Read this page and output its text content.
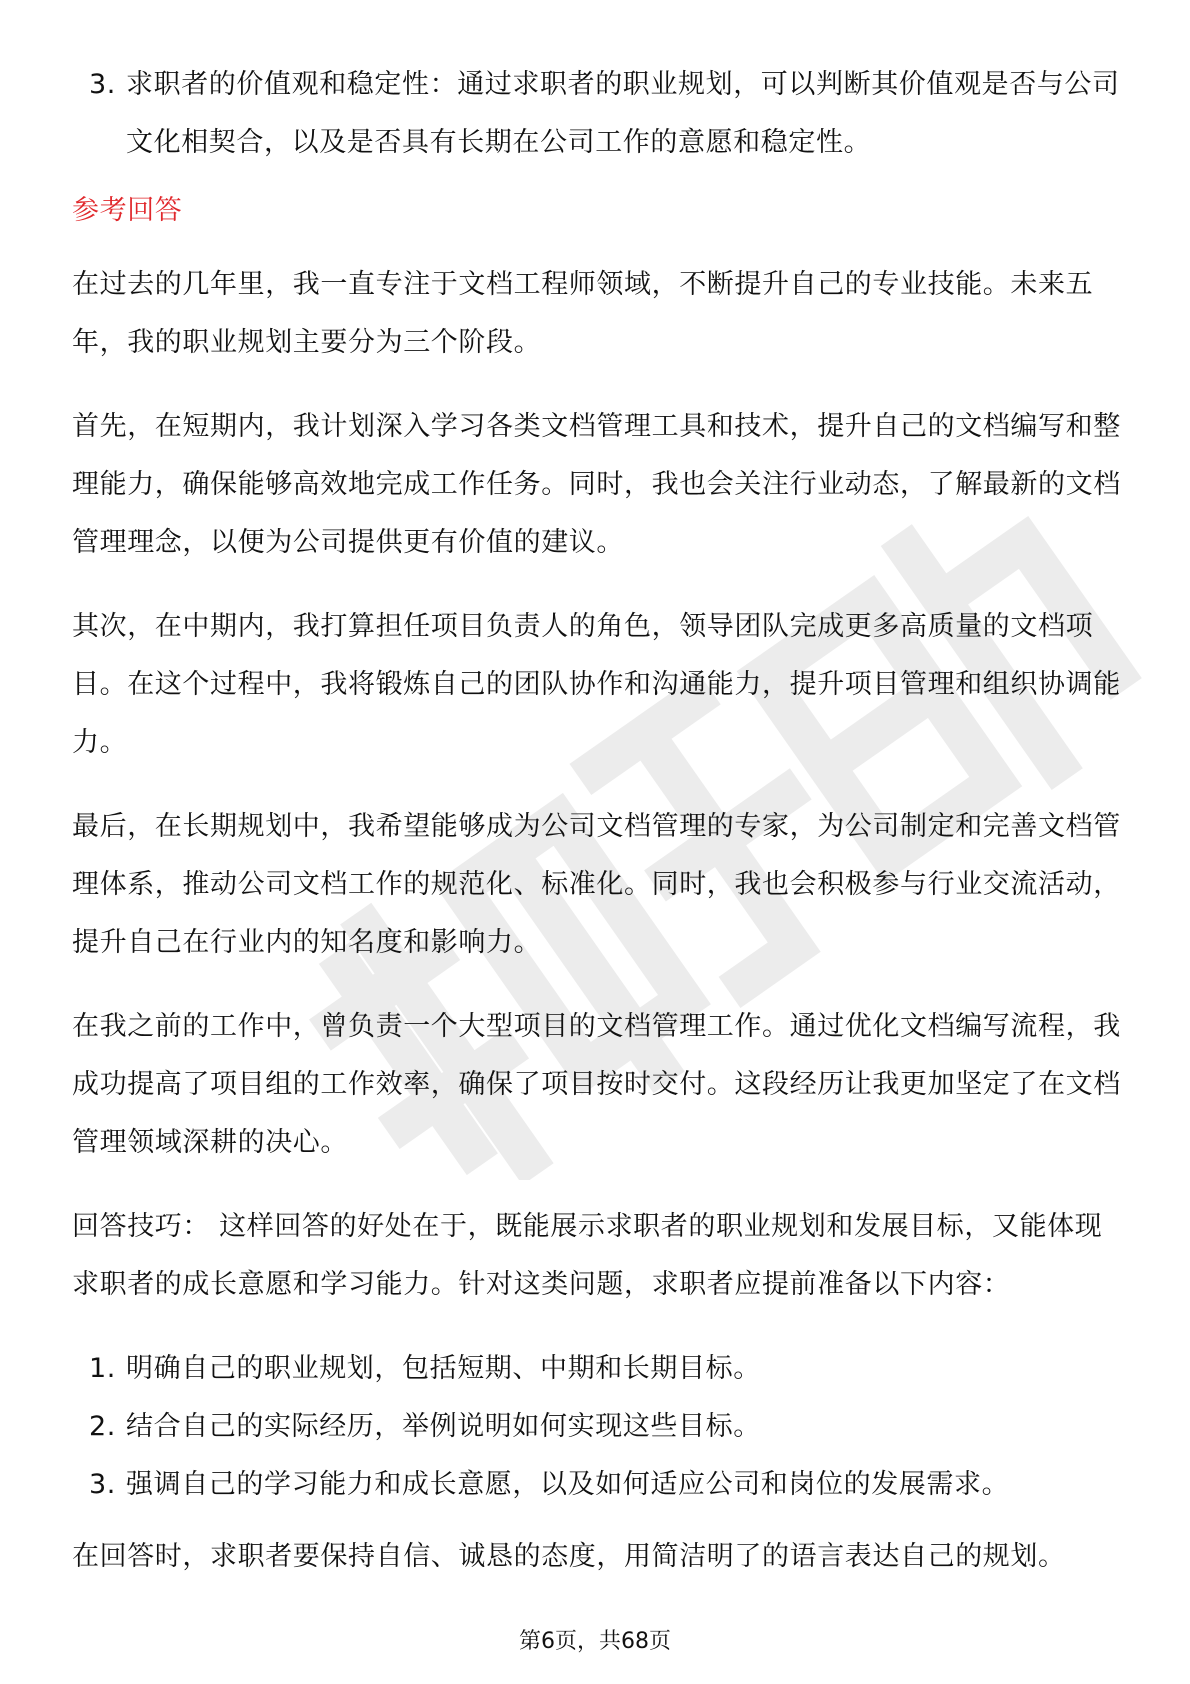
3. 求职者的价值观和稳定性：通过求职者的职业规划，可以判断其价值观是否与公司文化相契合，以及是否具有长期在公司工作的意愿和稳定性。
参考回答

在过去的几年里，我一直专注于文档工程师领域，不断提升自己的专业技能。未来五年，我的职业规划主要分为三个阶段。

首先，在短期内，我计划深入学习各类文档管理工具和技术，提升自己的文档编写和整理能力，确保能够高效地完成工作任务。同时，我也会关注行业动态，了解最新的文档管理理念，以便为公司提供更有价值的建议。

其次，在中期内，我打算担任项目负责人的角色，领导团队完成更多高质量的文档项目。在这个过程中，我将锻炼自己的团队协作和沟通能力，提升项目管理和组织协调能力。

最后，在长期规划中，我希望能够成为公司文档管理的专家，为公司制定和完善文档管理体系，推动公司文档工作的规范化、标准化。同时，我也会积极参与行业交流活动，提升自己在行业内的知名度和影响力。

在我之前的工作中，曾负责一个大型项目的文档管理工作。通过优化文档编写流程，我成功提高了项目组的工作效率，确保了项目按时交付。这段经历让我更加坚定了在文档管理领域深耕的决心。

回答技巧： 这样回答的好处在于，既能展示求职者的职业规划和发展目标，又能体现求职者的成长意愿和学习能力。针对这类问题，求职者应提前准备以下内容：

1. 明确自己的职业规划，包括短期、中期和长期目标。
2. 结合自己的实际经历，举例说明如何实现这些目标。
3. 强调自己的学习能力和成长意愿，以及如何适应公司和岗位的发展需求。

在回答时，求职者要保持自信、诚恳的态度，用简洁明了的语言表达自己的规划。

第6页，共68页
